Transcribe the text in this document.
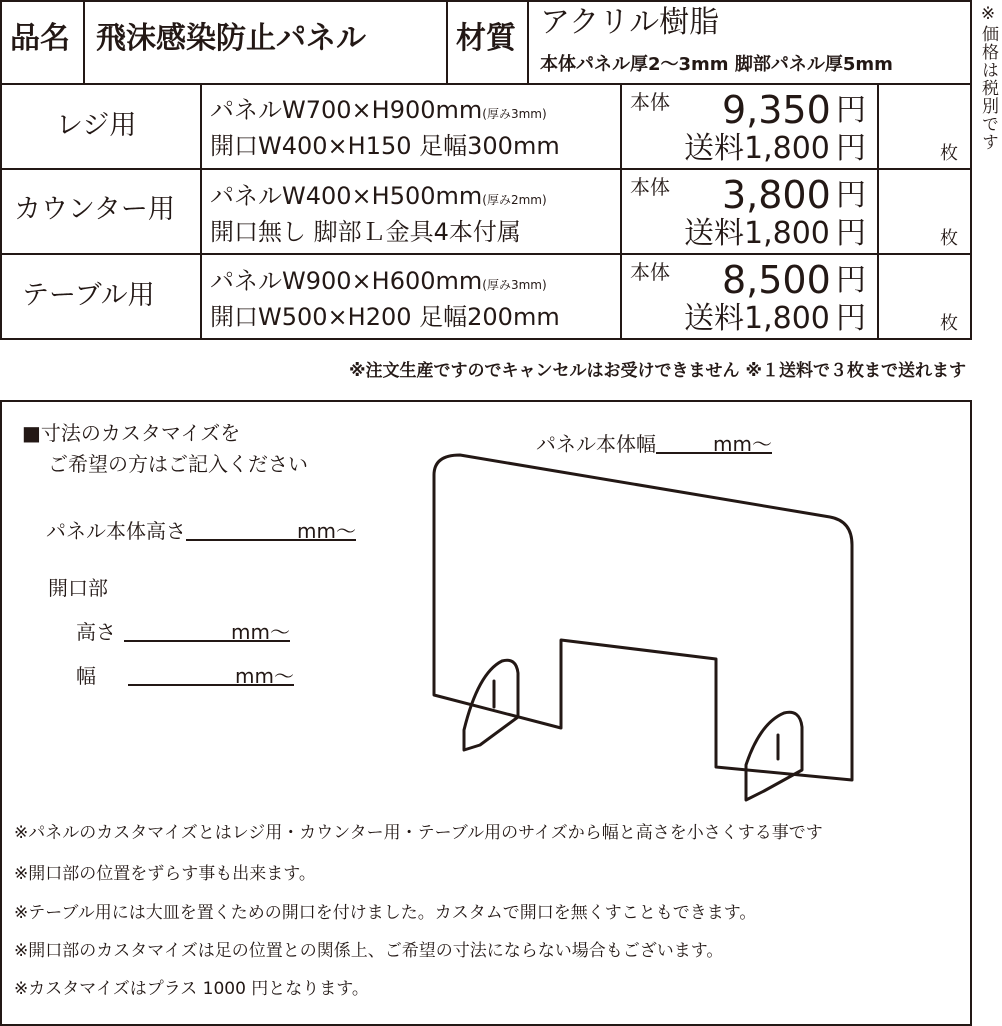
品名 飛沫感染防止パネル	材質 アクリル樹脂
本体パネル厚2〜3mm 脚部パネル厚5mm
レジ用	パネルW700×H900mm(厚み3mm)
開口W400×H150 足幅300mm
本体 9,350 円
送料1,800 円	枚
カウンター用 パネルW400×H500mm(厚み2mm)
開口無し 脚部Ｌ金具4本付属
本体 3,800 円
送料1,800 円	枚
テーブル用 パネルW900×H600mm(厚み3mm)
開口W500×H200 足幅200mm
本体 8,500 円
送料1,800 円	枚
※価格は税別です
※注文生産ですのでキャンセルはお受けできません ※１送料で３枚まで送れます
■寸法のカスタマイズを
ご希望の方はご記入ください
パネル本体高さ	mm〜
パネル本体幅	mm〜
開口部
高さ	mm〜
幅	mm〜
※パネルのカスタマイズとはレジ用・カウンター用・テーブル用のサイズから幅と高さを小さくする事です
※開口部の位置をずらす事も出来ます。
※テーブル用には大皿を置くための開口を付けました。カスタムで開口を無くすこともできます。
※開口部のカスタマイズは足の位置との関係上、ご希望の寸法にならない場合もございます。
※カスタマイズはプラス 1000 円となります。
